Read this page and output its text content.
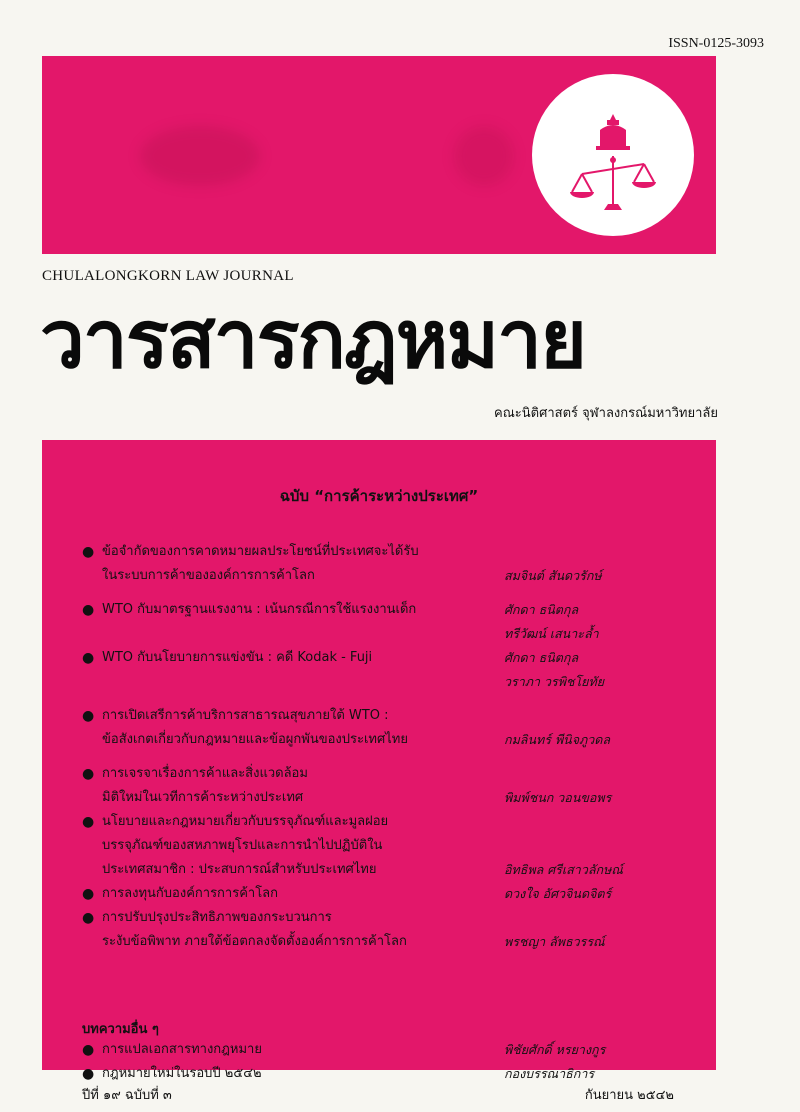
ISSN-0125-3093
CHULALONGKORN LAW JOURNAL
วารสารกฎหมาย
คณะนิติศาสตร์ จุฬาลงกรณ์มหาวิทยาลัย
ฉบับ “การค้าระหว่างประเทศ”
● ข้อจำกัดของการคาดหมายผลประโยชน์ที่ประเทศจะได้รับ
ในระบบการค้าขององค์การการค้าโลก	สมจินต์ สันดวรักษ์
● WTO กับมาตรฐานแรงงาน : เน้นกรณีการใช้แรงงานเด็ก	ศักดา ธนิตกุล
ทรีวัฒน์ เสนาะล้ำ
● WTO กับนโยบายการแข่งขัน : คดี Kodak - Fuji	ศักดา ธนิตกุล
วราภา วรพิชโยทัย
● การเปิดเสรีการค้าบริการสาธารณสุขภายใต้ WTO :
ข้อสังเกตเกี่ยวกับกฎหมายและข้อผูกพันของประเทศไทย	กมลินทร์ พีนิจภูวดล
● การเจรจาเรื่องการค้าและสิ่งแวดล้อม
มิติใหม่ในเวทีการค้าระหว่างประเทศ	พิมพ์ชนก วอนขอพร
● นโยบายและกฎหมายเกี่ยวกับบรรจุภัณฑ์และมูลฝอย
บรรจุภัณฑ์ของสหภาพยุโรปและการนำไปปฏิบัติใน
ประเทศสมาชิก : ประสบการณ์สำหรับประเทศไทย	อิทธิพล ศรีเสาวลักษณ์
● การลงทุนกับองค์การการค้าโลก	ดวงใจ อัศวจินดจิตร์
● การปรับปรุงประสิทธิภาพของกระบวนการ
ระงับข้อพิพาท ภายใต้ข้อตกลงจัดตั้งองค์การการค้าโลก	พรชญา ลัพธวรรณ์
บทความอื่น ๆ
● การแปลเอกสารทางกฎหมาย	พิชัยศักดิ์ หรยางกูร
● กฎหมายใหม่ในรอบปี ๒๕๔๒	กองบรรณาธิการ
ปีที่ ๑๙ ฉบับที่ ๓	กันยายน ๒๕๔๒
